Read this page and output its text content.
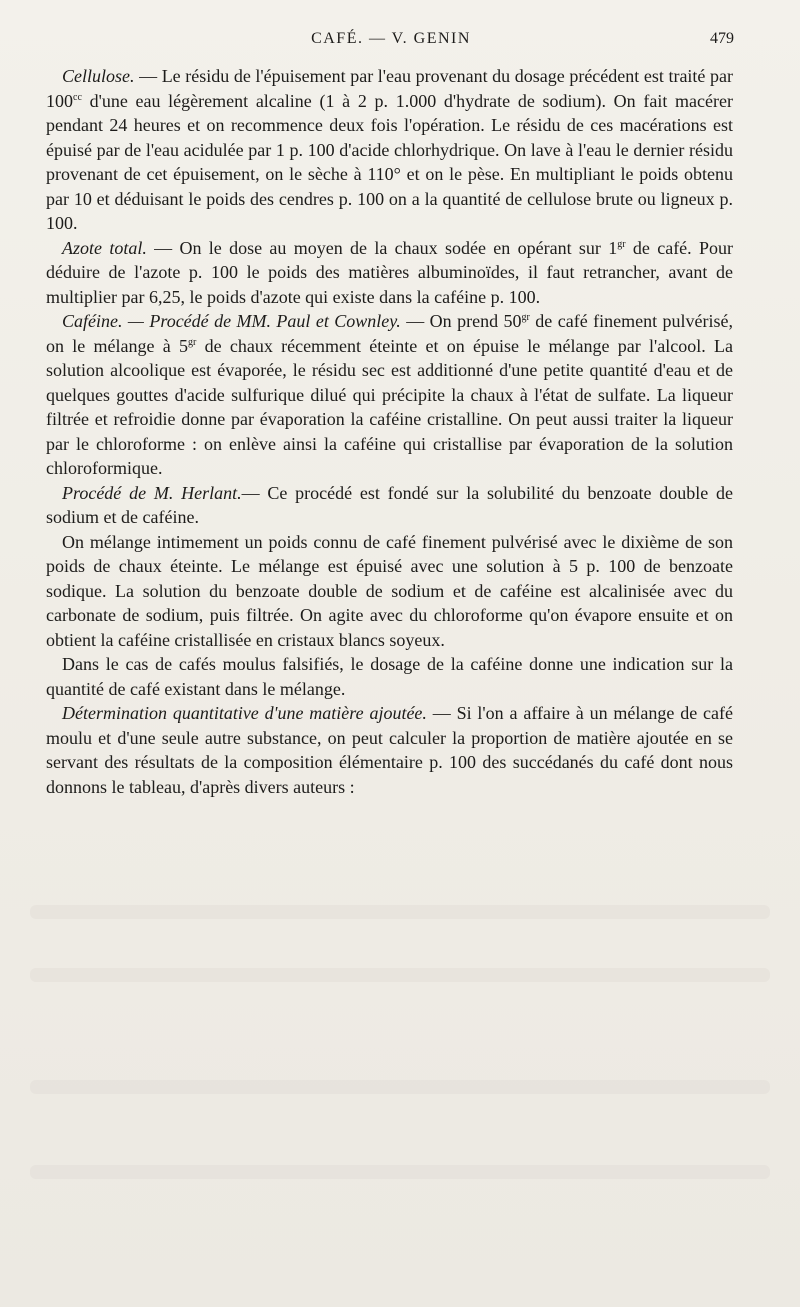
CAFÉ. — V. GENIN	479

Cellulose. — Le résidu de l'épuisement par l'eau provenant du dosage précédent est traité par $100^{cc}$ d'une eau légèrement alcaline (1 à 2 p. 1.000 d'hydrate de sodium). On fait macérer pendant 24 heures et on recommence deux fois l'opération. Le résidu de ces macérations est épuisé par de l'eau acidulée par 1 p. 100 d'acide chlorhydrique. On lave à l'eau le dernier résidu provenant de cet épuisement, on le sèche à 110° et on le pèse. En multipliant le poids obtenu par 10 et déduisant le poids des cendres p. 100 on a la quantité de cellulose brute ou ligneux p. 100.

Azote total. — On le dose au moyen de la chaux sodée en opérant sur $1^{gr}$ de café. Pour déduire de l'azote p. 100 le poids des matières albuminoïdes, il faut retrancher, avant de multiplier par 6,25, le poids d'azote qui existe dans la caféine p. 100.

Caféine. — Procédé de MM. Paul et Cownley. — On prend $50^{gr}$ de café finement pulvérisé, on le mélange à $5^{gr}$ de chaux récemment éteinte et on épuise le mélange par l'alcool. La solution alcoolique est évaporée, le résidu sec est additionné d'une petite quantité d'eau et de quelques gouttes d'acide sulfurique dilué qui précipite la chaux à l'état de sulfate. La liqueur filtrée et refroidie donne par évaporation la caféine cristalline. On peut aussi traiter la liqueur par le chloroforme : on enlève ainsi la caféine qui cristallise par évaporation de la solution chloroformique.

Procédé de M. Herlant.— Ce procédé est fondé sur la solubilité du benzoate double de sodium et de caféine.

On mélange intimement un poids connu de café finement pulvérisé avec le dixième de son poids de chaux éteinte. Le mélange est épuisé avec une solution à 5 p. 100 de benzoate sodique. La solution du benzoate double de sodium et de caféine est alcalinisée avec du carbonate de sodium, puis filtrée. On agite avec du chloroforme qu'on évapore ensuite et on obtient la caféine cristallisée en cristaux blancs soyeux.

Dans le cas de cafés moulus falsifiés, le dosage de la caféine donne une indication sur la quantité de café existant dans le mélange.

Détermination quantitative d'une matière ajoutée. — Si l'on a affaire à un mélange de café moulu et d'une seule autre substance, on peut calculer la proportion de matière ajoutée en se servant des résultats de la composition élémentaire p. 100 des succédanés du café dont nous donnons le tableau, d'après divers auteurs :
